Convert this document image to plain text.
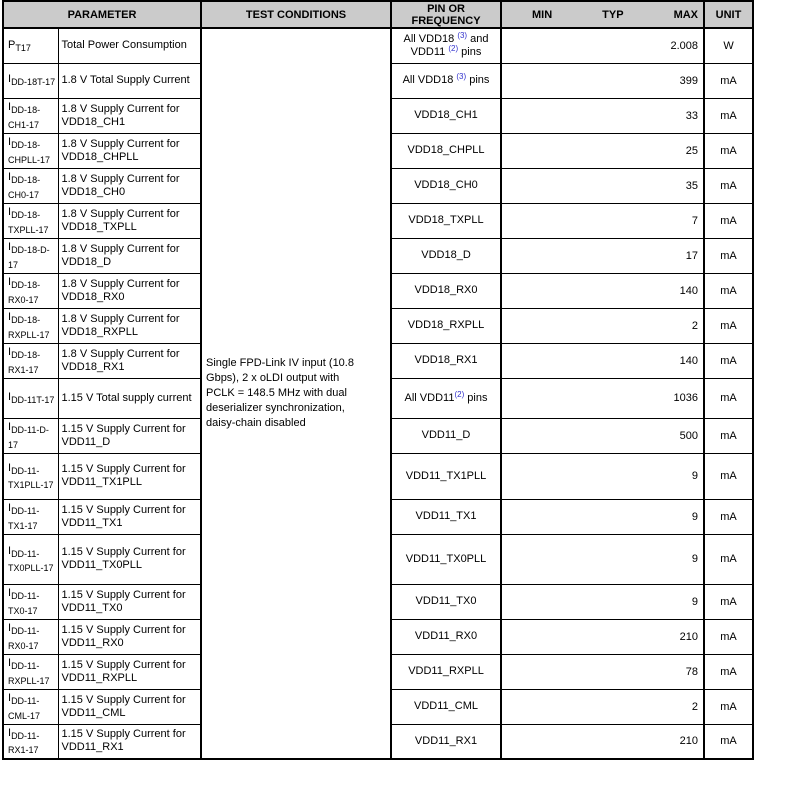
PARAMETER		TEST CONDITIONS	PIN OR FREQUENCY	MIN TYP MAX	UNIT
$P_{T17}$	Total Power Consumption	Single FPD-Link IV input (10.8 Gbps), 2 x oLDI output with PCLK = 148.5 MHz with dual deserializer synchronization, daisy-chain disabled	All VDD18 $^{(3)}$ and VDD11 $^{(2)}$ pins	2.008	W
$I_{DD-18T-17}$	1.8 V Total Supply Current		All VDD18 $^{(3)}$ pins	399	mA
$I_{DD-18-CH1-17}$	1.8 V Supply Current for VDD18_CH1		VDD18_CH1	33	mA
$I_{DD-18-CHPLL-17}$	1.8 V Supply Current for VDD18_CHPLL		VDD18_CHPLL	25	mA
$I_{DD-18-CH0-17}$	1.8 V Supply Current for VDD18_CH0		VDD18_CH0	35	mA
$I_{DD-18-TXPLL-17}$	1.8 V Supply Current for VDD18_TXPLL		VDD18_TXPLL	7	mA
$I_{DD-18-D-17}$	1.8 V Supply Current for VDD18_D		VDD18_D	17	mA
$I_{DD-18-RX0-17}$	1.8 V Supply Current for VDD18_RX0		VDD18_RX0	140	mA
$I_{DD-18-RXPLL-17}$	1.8 V Supply Current for VDD18_RXPLL		VDD18_RXPLL	2	mA
$I_{DD-18-RX1-17}$	1.8 V Supply Current for VDD18_RX1		VDD18_RX1	140	mA
$I_{DD-11T-17}$	1.15 V Total supply current		All VDD11$^{(2)}$ pins	1036	mA
$I_{DD-11-D-17}$	1.15 V Supply Current for VDD11_D		VDD11_D	500	mA
$I_{DD-11-TX1PLL-17}$	1.15 V Supply Current for VDD11_TX1PLL		VDD11_TX1PLL	9	mA
$I_{DD-11-TX1-17}$	1.15 V Supply Current for VDD11_TX1		VDD11_TX1	9	mA
$I_{DD-11-TX0PLL-17}$	1.15 V Supply Current for VDD11_TX0PLL		VDD11_TX0PLL	9	mA
$I_{DD-11-TX0-17}$	1.15 V Supply Current for VDD11_TX0		VDD11_TX0	9	mA
$I_{DD-11-RX0-17}$	1.15 V Supply Current for VDD11_RX0		VDD11_RX0	210	mA
$I_{DD-11-RXPLL-17}$	1.15 V Supply Current for VDD11_RXPLL		VDD11_RXPLL	78	mA
$I_{DD-11-CML-17}$	1.15 V Supply Current for VDD11_CML		VDD11_CML	2	mA
$I_{DD-11-RX1-17}$	1.15 V Supply Current for VDD11_RX1		VDD11_RX1	210	mA
